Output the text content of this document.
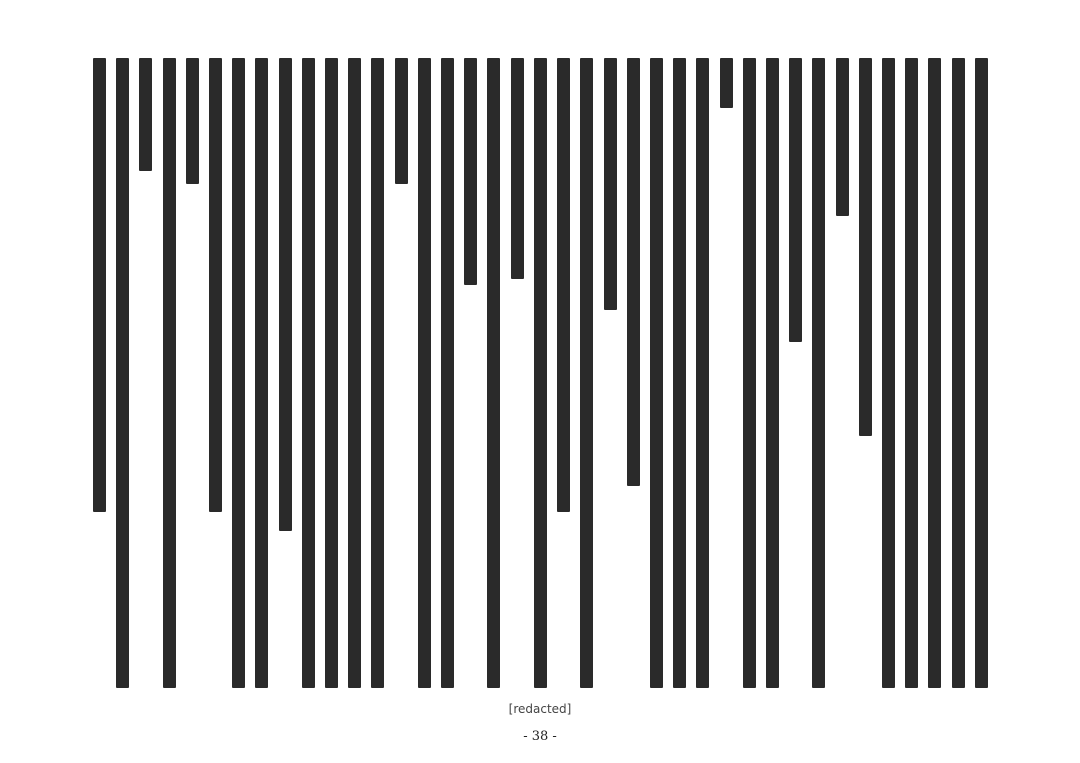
[redacted]
- 38 -
